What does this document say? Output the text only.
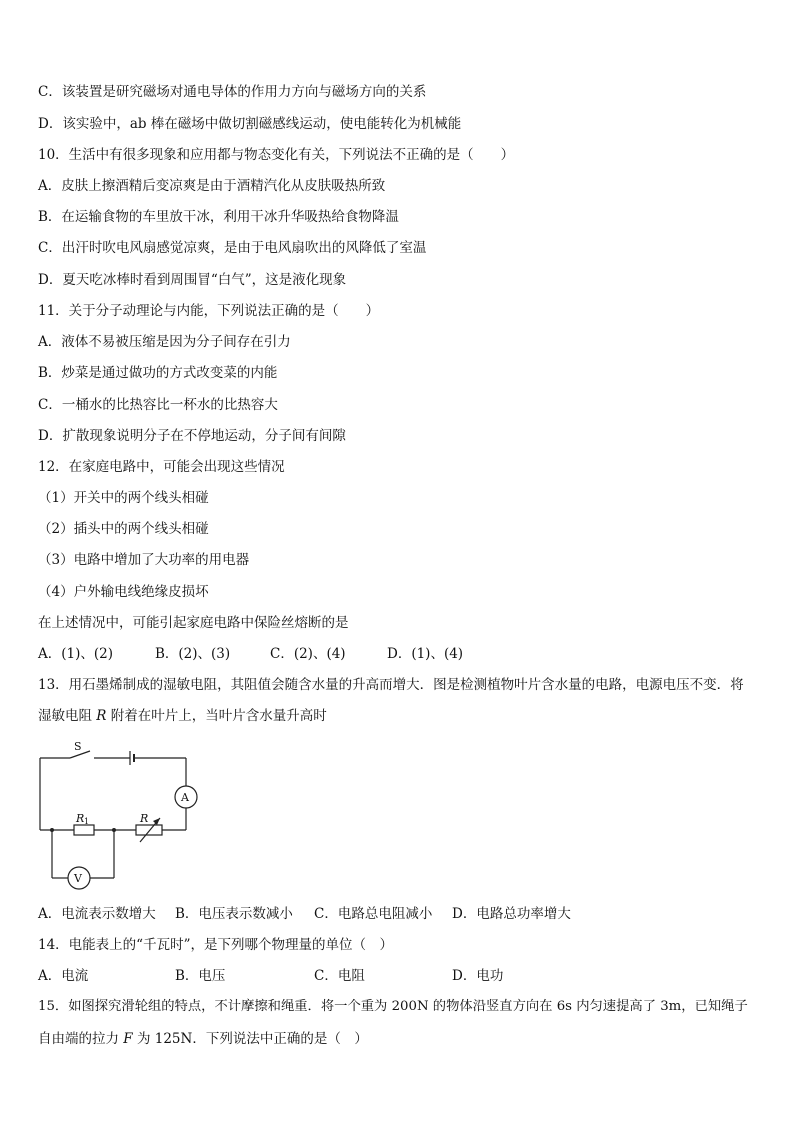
C．该装置是研究磁场对通电导体的作用力方向与磁场方向的关系
D．该实验中，ab 棒在磁场中做切割磁感线运动，使电能转化为机械能
10．生活中有很多现象和应用都与物态变化有关，下列说法不正确的是（　　）
A．皮肤上擦酒精后变凉爽是由于酒精汽化从皮肤吸热所致
B．在运输食物的车里放干冰，利用干冰升华吸热给食物降温
C．出汗时吹电风扇感觉凉爽，是由于电风扇吹出的风降低了室温
D．夏天吃冰棒时看到周围冒“白气”，这是液化现象
11．关于分子动理论与内能，下列说法正确的是（　　）
A．液体不易被压缩是因为分子间存在引力
B．炒菜是通过做功的方式改变菜的内能
C．一桶水的比热容比一杯水的比热容大
D．扩散现象说明分子在不停地运动，分子间有间隙
12．在家庭电路中，可能会出现这些情况
（1）开关中的两个线头相碰
（2）插头中的两个线头相碰
（3）电路中增加了大功率的用电器
（4）户外输电线绝缘皮损坏
在上述情况中，可能引起家庭电路中保险丝熔断的是
A．(1)、(2)	B．(2)、(3)	C．(2)、(4)	D．(1)、(4)
13．用石墨烯制成的湿敏电阻，其阻值会随含水量的升高而增大．图是检测植物叶片含水量的电路，电源电压不变．将
湿敏电阻 R 附着在叶片上，当叶片含水量升高时
S
A
V
R 1	R
A．电流表示数增大 B．电压表示数减小 C．电路总电阻减小 D．电路总功率增大
14．电能表上的“千瓦时”，是下列哪个物理量的单位（　）
A．电流	B．电压	C．电阻	D．电功
15．如图探究滑轮组的特点，不计摩擦和绳重．将一个重为 200N 的物体沿竖直方向在 6s 内匀速提高了 3m，已知绳子
自由端的拉力 F 为 125N．下列说法中正确的是（　）
